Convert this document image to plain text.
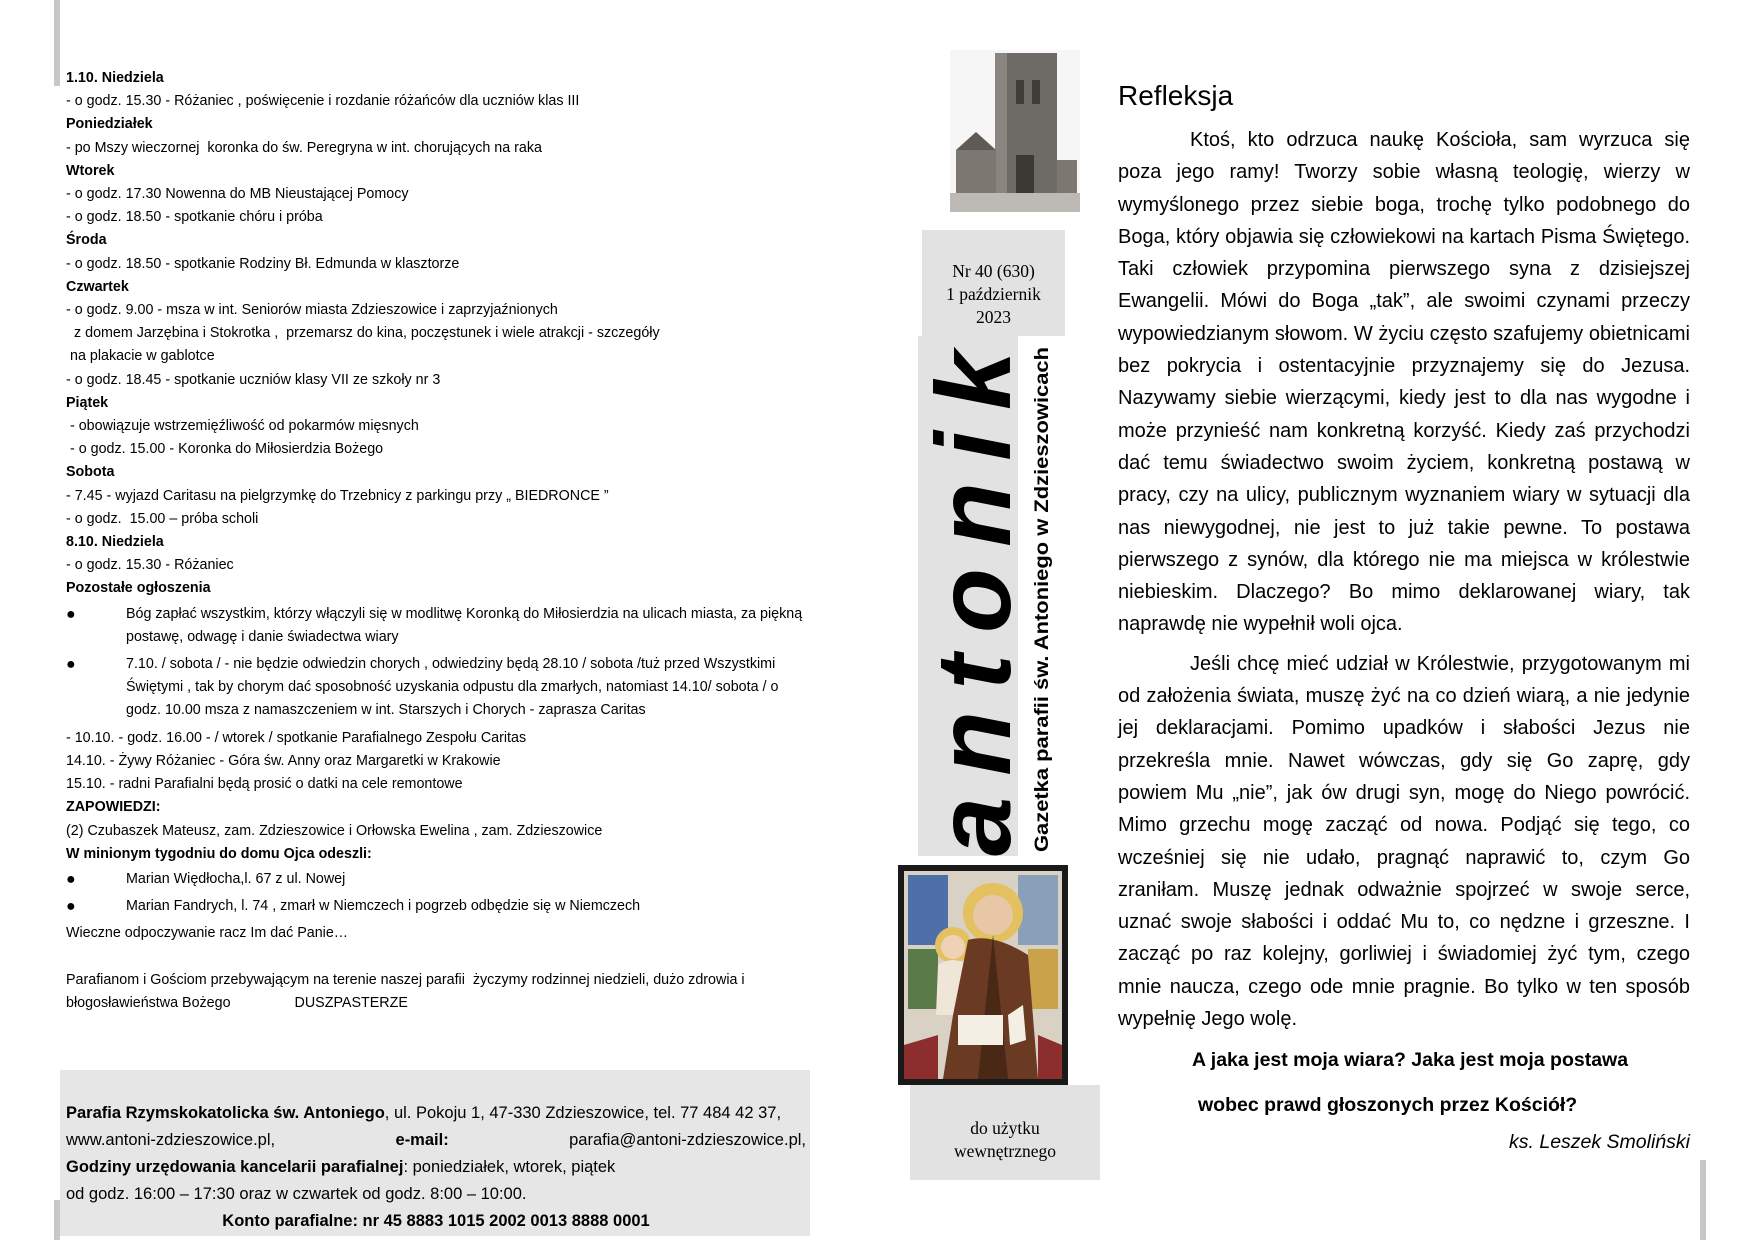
1.10. Niedziela
- o godz. 15.30 - Różaniec , poświęcenie i rozdanie różańców dla uczniów klas III
Poniedziałek
- po Mszy wieczornej  koronka do św. Peregryna w int. chorujących na raka
Wtorek
- o godz. 17.30 Nowenna do MB Nieustającej Pomocy
- o godz. 18.50 - spotkanie chóru i próba
Środa
- o godz. 18.50 - spotkanie Rodziny Bł. Edmunda w klasztorze
Czwartek
- o godz. 9.00 - msza w int. Seniorów miasta Zdzieszowice i zaprzyjaźnionych
z domem Jarzębina i Stokrotka ,  przemarsz do kina, poczęstunek i wiele atrakcji - szczegóły
na plakacie w gablotce
- o godz. 18.45 - spotkanie uczniów klasy VII ze szkoły nr 3
Piątek
- obowiązuje wstrzemięźliwość od pokarmów mięsnych
- o godz. 15.00 - Koronka do Miłosierdzia Bożego
Sobota
- 7.45 - wyjazd Caritasu na pielgrzymkę do Trzebnicy z parkingu przy „ BIEDRONCE ”
- o godz.  15.00 – próba scholi
8.10. Niedziela
- o godz. 15.30 - Różaniec
Pozostałe ogłoszenia
●	Bóg zapłać wszystkim, którzy włączyli się w modlitwę Koronką do Miłosierdzia na ulicach miasta, za piękną postawę, odwagę i danie świadectwa wiary
●	7.10. / sobota / - nie będzie odwiedzin chorych , odwiedziny będą 28.10 / sobota /tuż przed Wszystkimi Świętymi , tak by chorym dać sposobność uzyskania odpustu dla zmarłych, natomiast 14.10/ sobota / o godz. 10.00 msza z namaszczeniem w int. Starszych i Chorych - zaprasza Caritas
- 10.10. - godz. 16.00 - / wtorek / spotkanie Parafialnego Zespołu Caritas
14.10. - Żywy Różaniec - Góra św. Anny oraz Margaretki w Krakowie
15.10. - radni Parafialni będą prosić o datki na cele remontowe
ZAPOWIEDZI:
(2) Czubaszek Mateusz, zam. Zdzieszowice i Orłowska Ewelina , zam. Zdzieszowice
W minionym tygodniu do domu Ojca odeszli:
●	Marian Więdłocha,l. 67 z ul. Nowej
●	Marian Fandrych, l. 74 , zmarł w Niemczech i pogrzeb odbędzie się w Niemczech
Wieczne odpoczywanie racz Im dać Panie…
Parafianom i Gościom przebywającym na terenie naszej parafii  życzymy rodzinnej niedzieli, dużo zdrowia i
błogosławieństwa Bożego	DUSZPASTERZE
Parafia Rzymskokatolicka św. Antoniego, ul. Pokoju 1, 47-330 Zdzieszowice, tel. 77 484 42 37,
www.antoni-zdzieszowice.pl,	e-mail:	parafia@antoni-zdzieszowice.pl,
Godziny urzędowania kancelarii parafialnej: poniedziałek, wtorek, piątek
od godz. 16:00 – 17:30 oraz w czwartek od godz. 8:00 – 10:00.
Konto parafialne: nr 45 8883 1015 2002 0013 8888 0001
Nr 40 (630)
1 październik
2023
Gazetka parafii św. Antoniego w Zdzieszowicach
antonik
do użytku
wewnętrznego
Refleksja

Ktoś, kto odrzuca naukę Kościoła, sam wyrzuca się poza jego ramy! Tworzy sobie własną teologię, wierzy w wymyślonego przez siebie boga, trochę tylko podobnego do Boga, który objawia się człowiekowi na kartach Pisma Świętego. Taki człowiek przypomina pierwszego syna z dzisiejszej Ewangelii. Mówi do Boga „tak”, ale swoimi czynami przeczy wypowiedzianym słowom. W życiu często szafujemy obietnicami bez pokrycia i ostentacyjnie przyznajemy się do Jezusa. Nazywamy siebie wierzącymi, kiedy jest to dla nas wygodne i może przynieść nam konkretną korzyść. Kiedy zaś przychodzi dać temu świadectwo swoim życiem, konkretną postawą w pracy, czy na ulicy, publicznym wyznaniem wiary w sytuacji dla nas niewygodnej, nie jest to już takie pewne. To postawa pierwszego z synów, dla którego nie ma miejsca w królestwie niebieskim. Dlaczego? Bo mimo deklarowanej wiary, tak naprawdę nie wypełnił woli ojca.

Jeśli chcę mieć udział w Królestwie, przygotowanym mi od założenia świata, muszę żyć na co dzień wiarą, a nie jedynie jej deklaracjami. Pomimo upadków i słabości Jezus nie przekreśla mnie. Nawet wówczas, gdy się Go zaprę, gdy powiem Mu „nie”, jak ów drugi syn, mogę do Niego powrócić. Mimo grzechu mogę zacząć od nowa. Podjąć się tego, co wcześniej się nie udało, pragnąć naprawić to, czym Go zraniłam. Muszę jednak odważnie spojrzeć w swoje serce, uznać swoje słabości i oddać Mu to, co nędzne i grzeszne. I zacząć po raz kolejny, gorliwiej i świadomiej żyć tym, czego mnie naucza, czego ode mnie pragnie. Bo tylko w ten sposób wypełnię Jego wolę.

A jaka jest moja wiara? Jaka jest moja postawa
wobec prawd głoszonych przez Kościół?
ks. Leszek Smoliński
